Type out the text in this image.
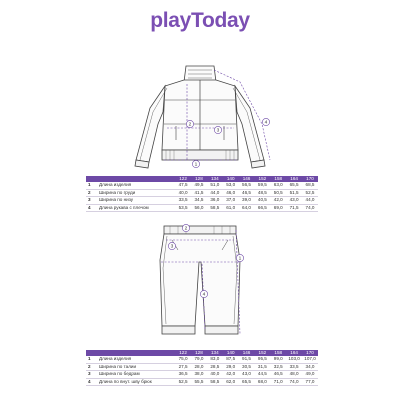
playToday
1
2
3
4
1
2
3
4
		122	128	134	140	146	152	158	164	170
1	Длина изделия	47,5	49,5	51,0	53,0	56,5	59,5	63,0	65,5	68,5
2	Ширина по груди	40,0	41,5	44,0	46,0	46,5	48,5	50,5	51,5	52,5
3	Ширина по низу	33,5	34,5	36,0	37,0	39,0	40,5	42,0	43,0	44,0
4	Длина рукава с плечом	53,5	56,0	58,5	61,0	64,0	66,5	69,0	71,5	74,0
		122	128	134	140	146	152	158	164	170
1	Длина изделия	75,0	79,0	83,0	87,5	91,5	95,5	99,0	103,0	107,0
2	Ширина по талии	27,5	28,0	28,5	29,0	30,5	31,5	32,5	33,5	34,0
3	Ширина по бедрам	36,5	38,0	40,0	42,0	43,0	44,5	46,5	48,0	49,0
4	Длина по внут. шву брюк	52,5	55,5	58,5	62,0	65,5	68,0	71,0	74,0	77,0
